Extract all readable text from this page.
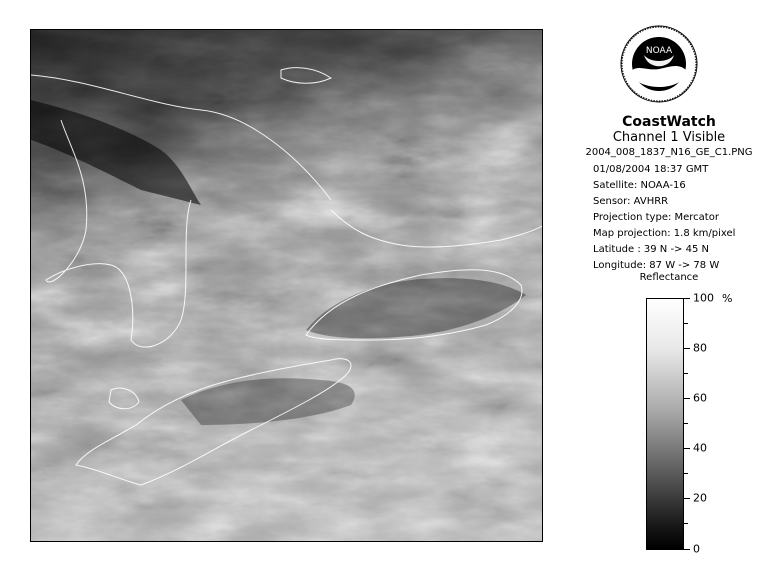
NOAA
CoastWatch
Channel 1 Visible
2004_008_1837_N16_GE_C1.PNG
01/08/2004 18:37 GMT
Satellite: NOAA-16
Sensor: AVHRR
Projection type: Mercator
Map projection: 1.8 km/pixel
Latitude : 39 N -> 45 N
Longitude: 87 W -> 78 W
Reflectance
%
100
80
60
40
20
0
